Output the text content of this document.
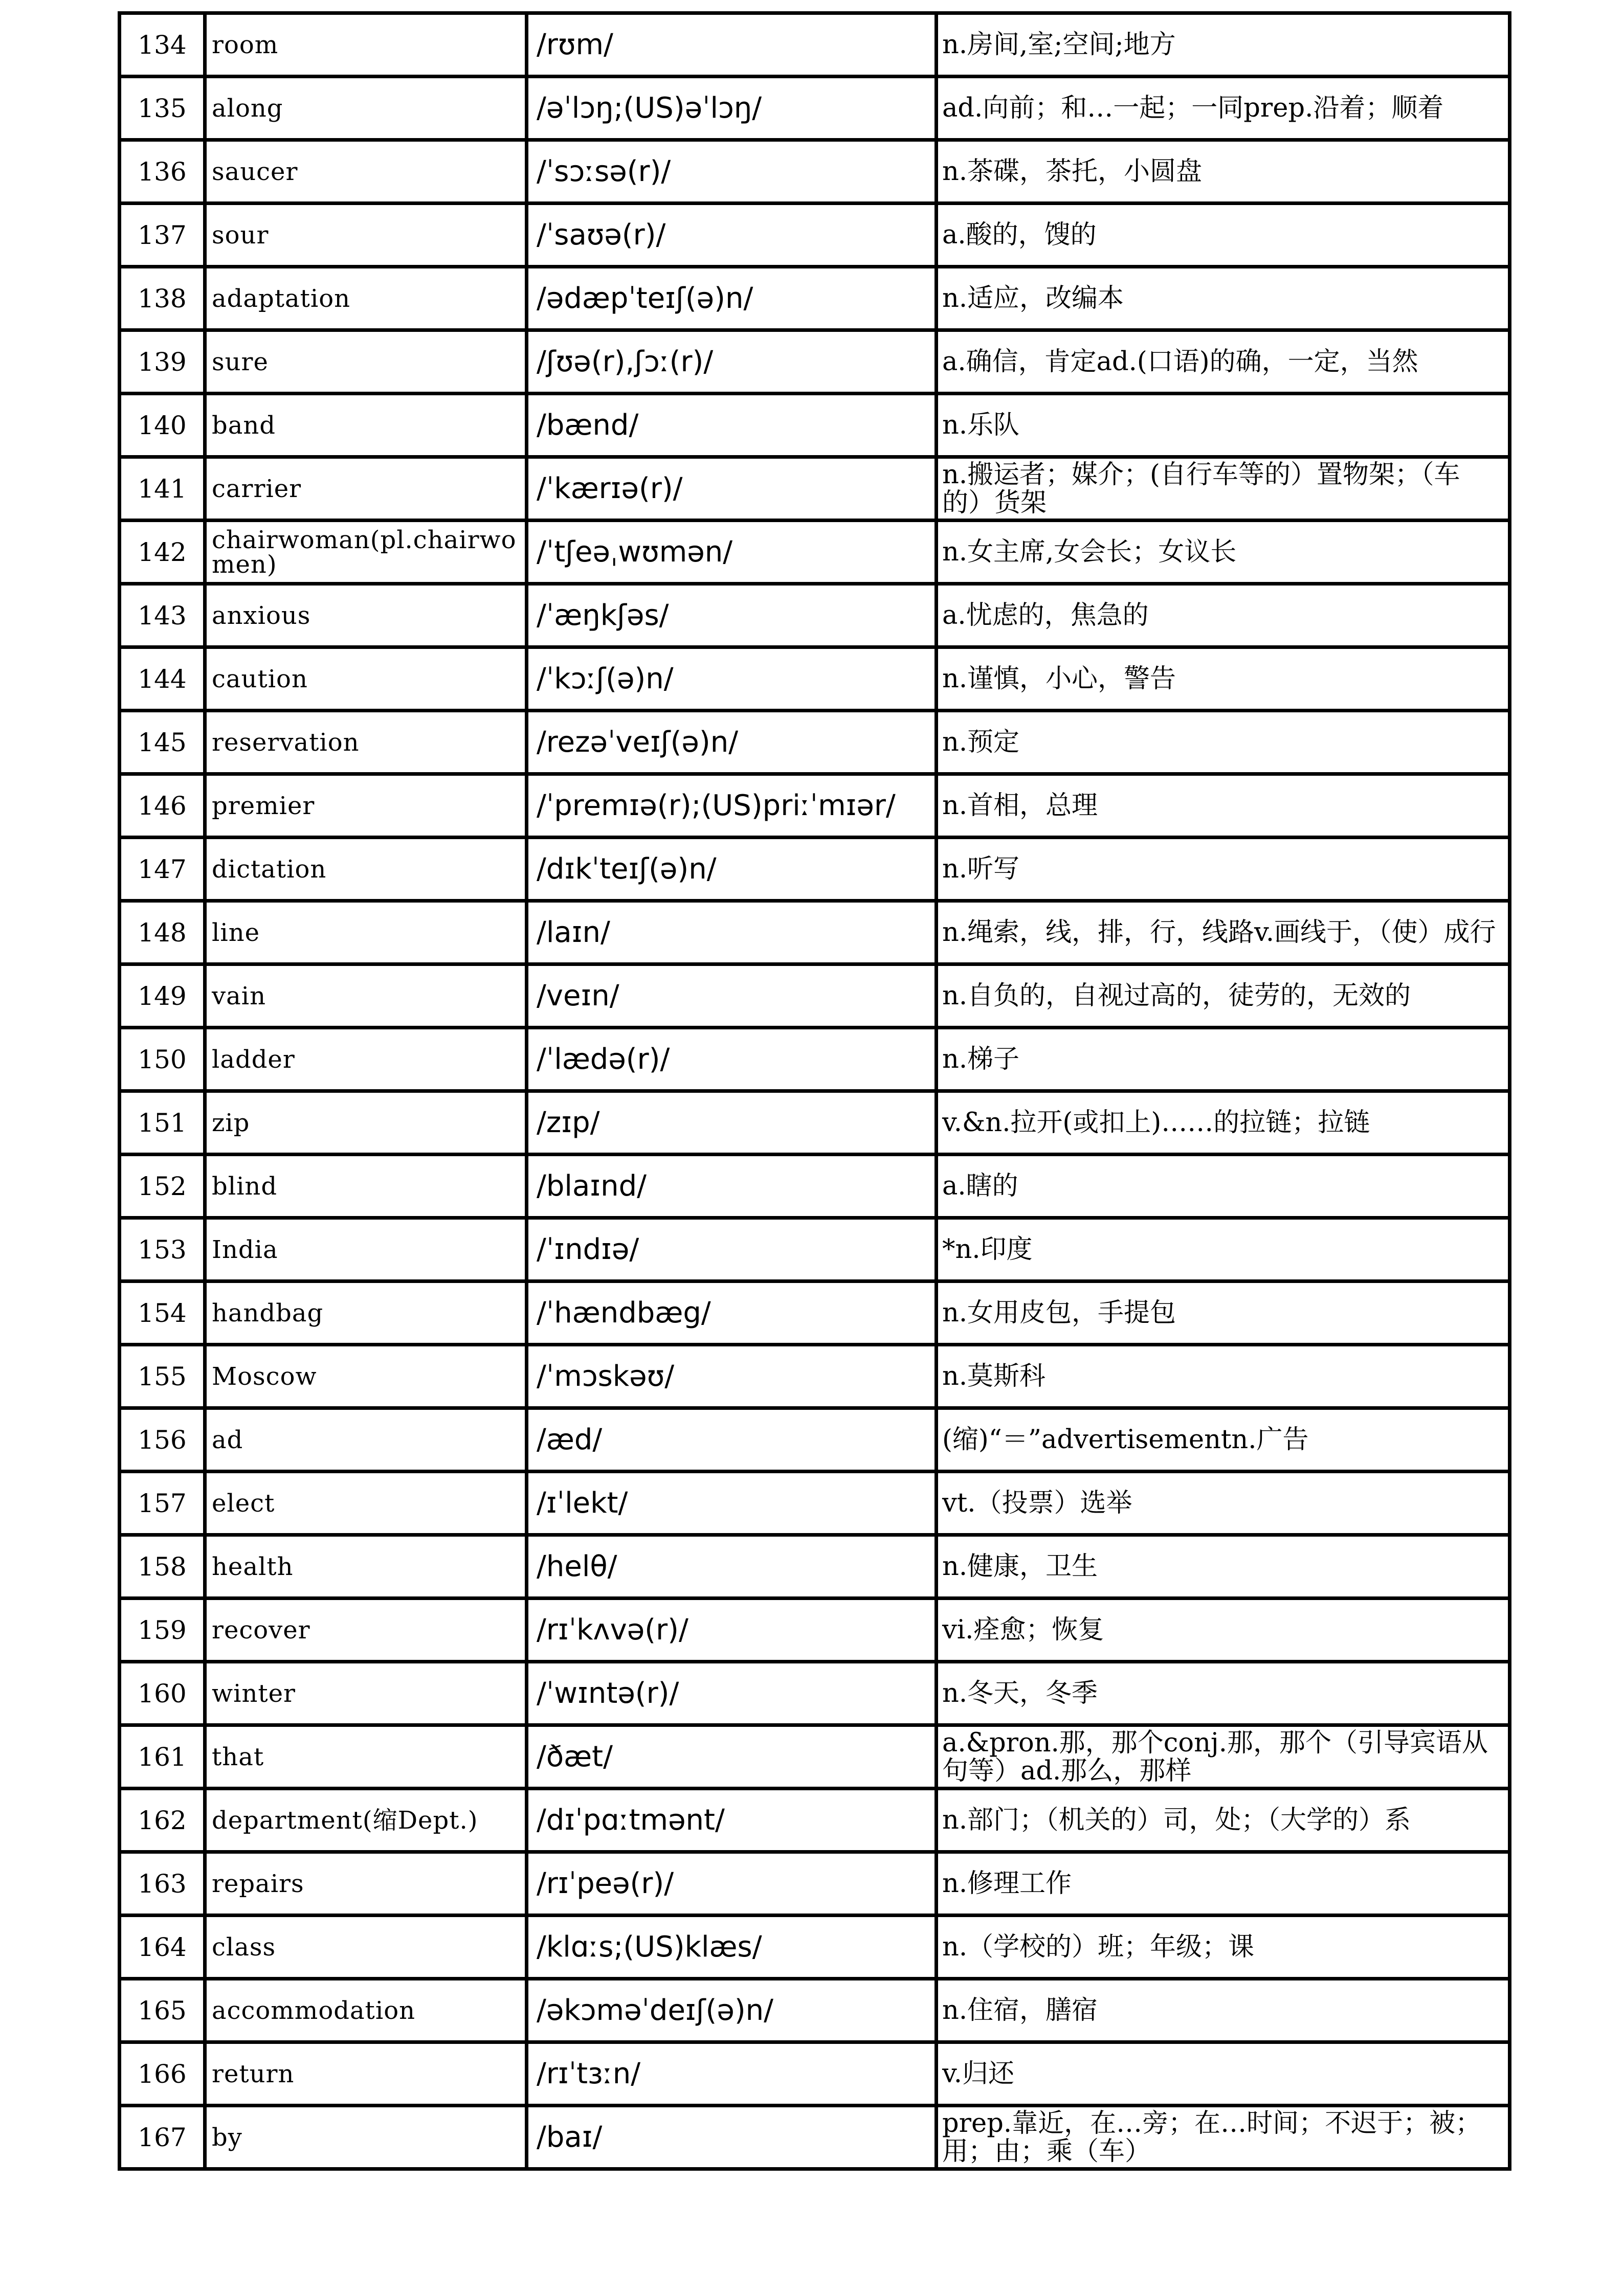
134	room	/rʊm/	n.房间,室;空间;地方
135	along	/əˈlɔŋ;(US)əˈlɔŋ/	ad.向前；和…一起；一同prep.沿着；顺着
136	saucer	/ˈsɔːsə(r)/	n.茶碟，茶托，小圆盘
137	sour	/ˈsaʊə(r)/	a.酸的，馊的
138	adaptation	/ədæpˈteɪʃ(ə)n/	n.适应，改编本
139	sure	/ʃʊə(r),ʃɔː(r)/	a.确信，肯定ad.(口语)的确，一定，当然
140	band	/bænd/	n.乐队
141	carrier	/ˈkærɪə(r)/	n.搬运者；媒介；(自行车等的）置物架；（车的）货架
142	chairwoman(pl.chairwomen)	/ˈtʃeəˌwʊmən/	n.女主席,女会长；女议长
143	anxious	/ˈæŋkʃəs/	a.忧虑的，焦急的
144	caution	/ˈkɔːʃ(ə)n/	n.谨慎，小心，警告
145	reservation	/rezəˈveɪʃ(ə)n/	n.预定
146	premier	/ˈpremɪə(r);(US)priːˈmɪər/	n.首相，总理
147	dictation	/dɪkˈteɪʃ(ə)n/	n.听写
148	line	/laɪn/	n.绳索，线，排，行，线路v.画线于，（使）成行
149	vain	/veɪn/	n.自负的，自视过高的，徒劳的，无效的
150	ladder	/ˈlædə(r)/	n.梯子
151	zip	/zɪp/	v.&n.拉开(或扣上)……的拉链；拉链
152	blind	/blaɪnd/	a.瞎的
153	India	/ˈɪndɪə/	*n.印度
154	handbag	/ˈhændbæg/	n.女用皮包，手提包
155	Moscow	/ˈmɔskəʊ/	n.莫斯科
156	ad	/æd/	(缩)“＝”advertisementn.广告
157	elect	/ɪˈlekt/	vt.（投票）选举
158	health	/helθ/	n.健康，卫生
159	recover	/rɪˈkʌvə(r)/	vi.痊愈；恢复
160	winter	/ˈwɪntə(r)/	n.冬天，冬季
161	that	/ðæt/	a.&pron.那，那个conj.那，那个（引导宾语从句等）ad.那么，那样
162	department(缩Dept.)	/dɪˈpɑːtmənt/	n.部门；（机关的）司，处；（大学的）系
163	repairs	/rɪˈpeə(r)/	n.修理工作
164	class	/klɑːs;(US)klæs/	n.（学校的）班；年级；课
165	accommodation	/əkɔməˈdeɪʃ(ə)n/	n.住宿，膳宿
166	return	/rɪˈtɜːn/	v.归还
167	by	/baɪ/	prep.靠近，在…旁；在…时间；不迟于；被；用；由；乘（车）
